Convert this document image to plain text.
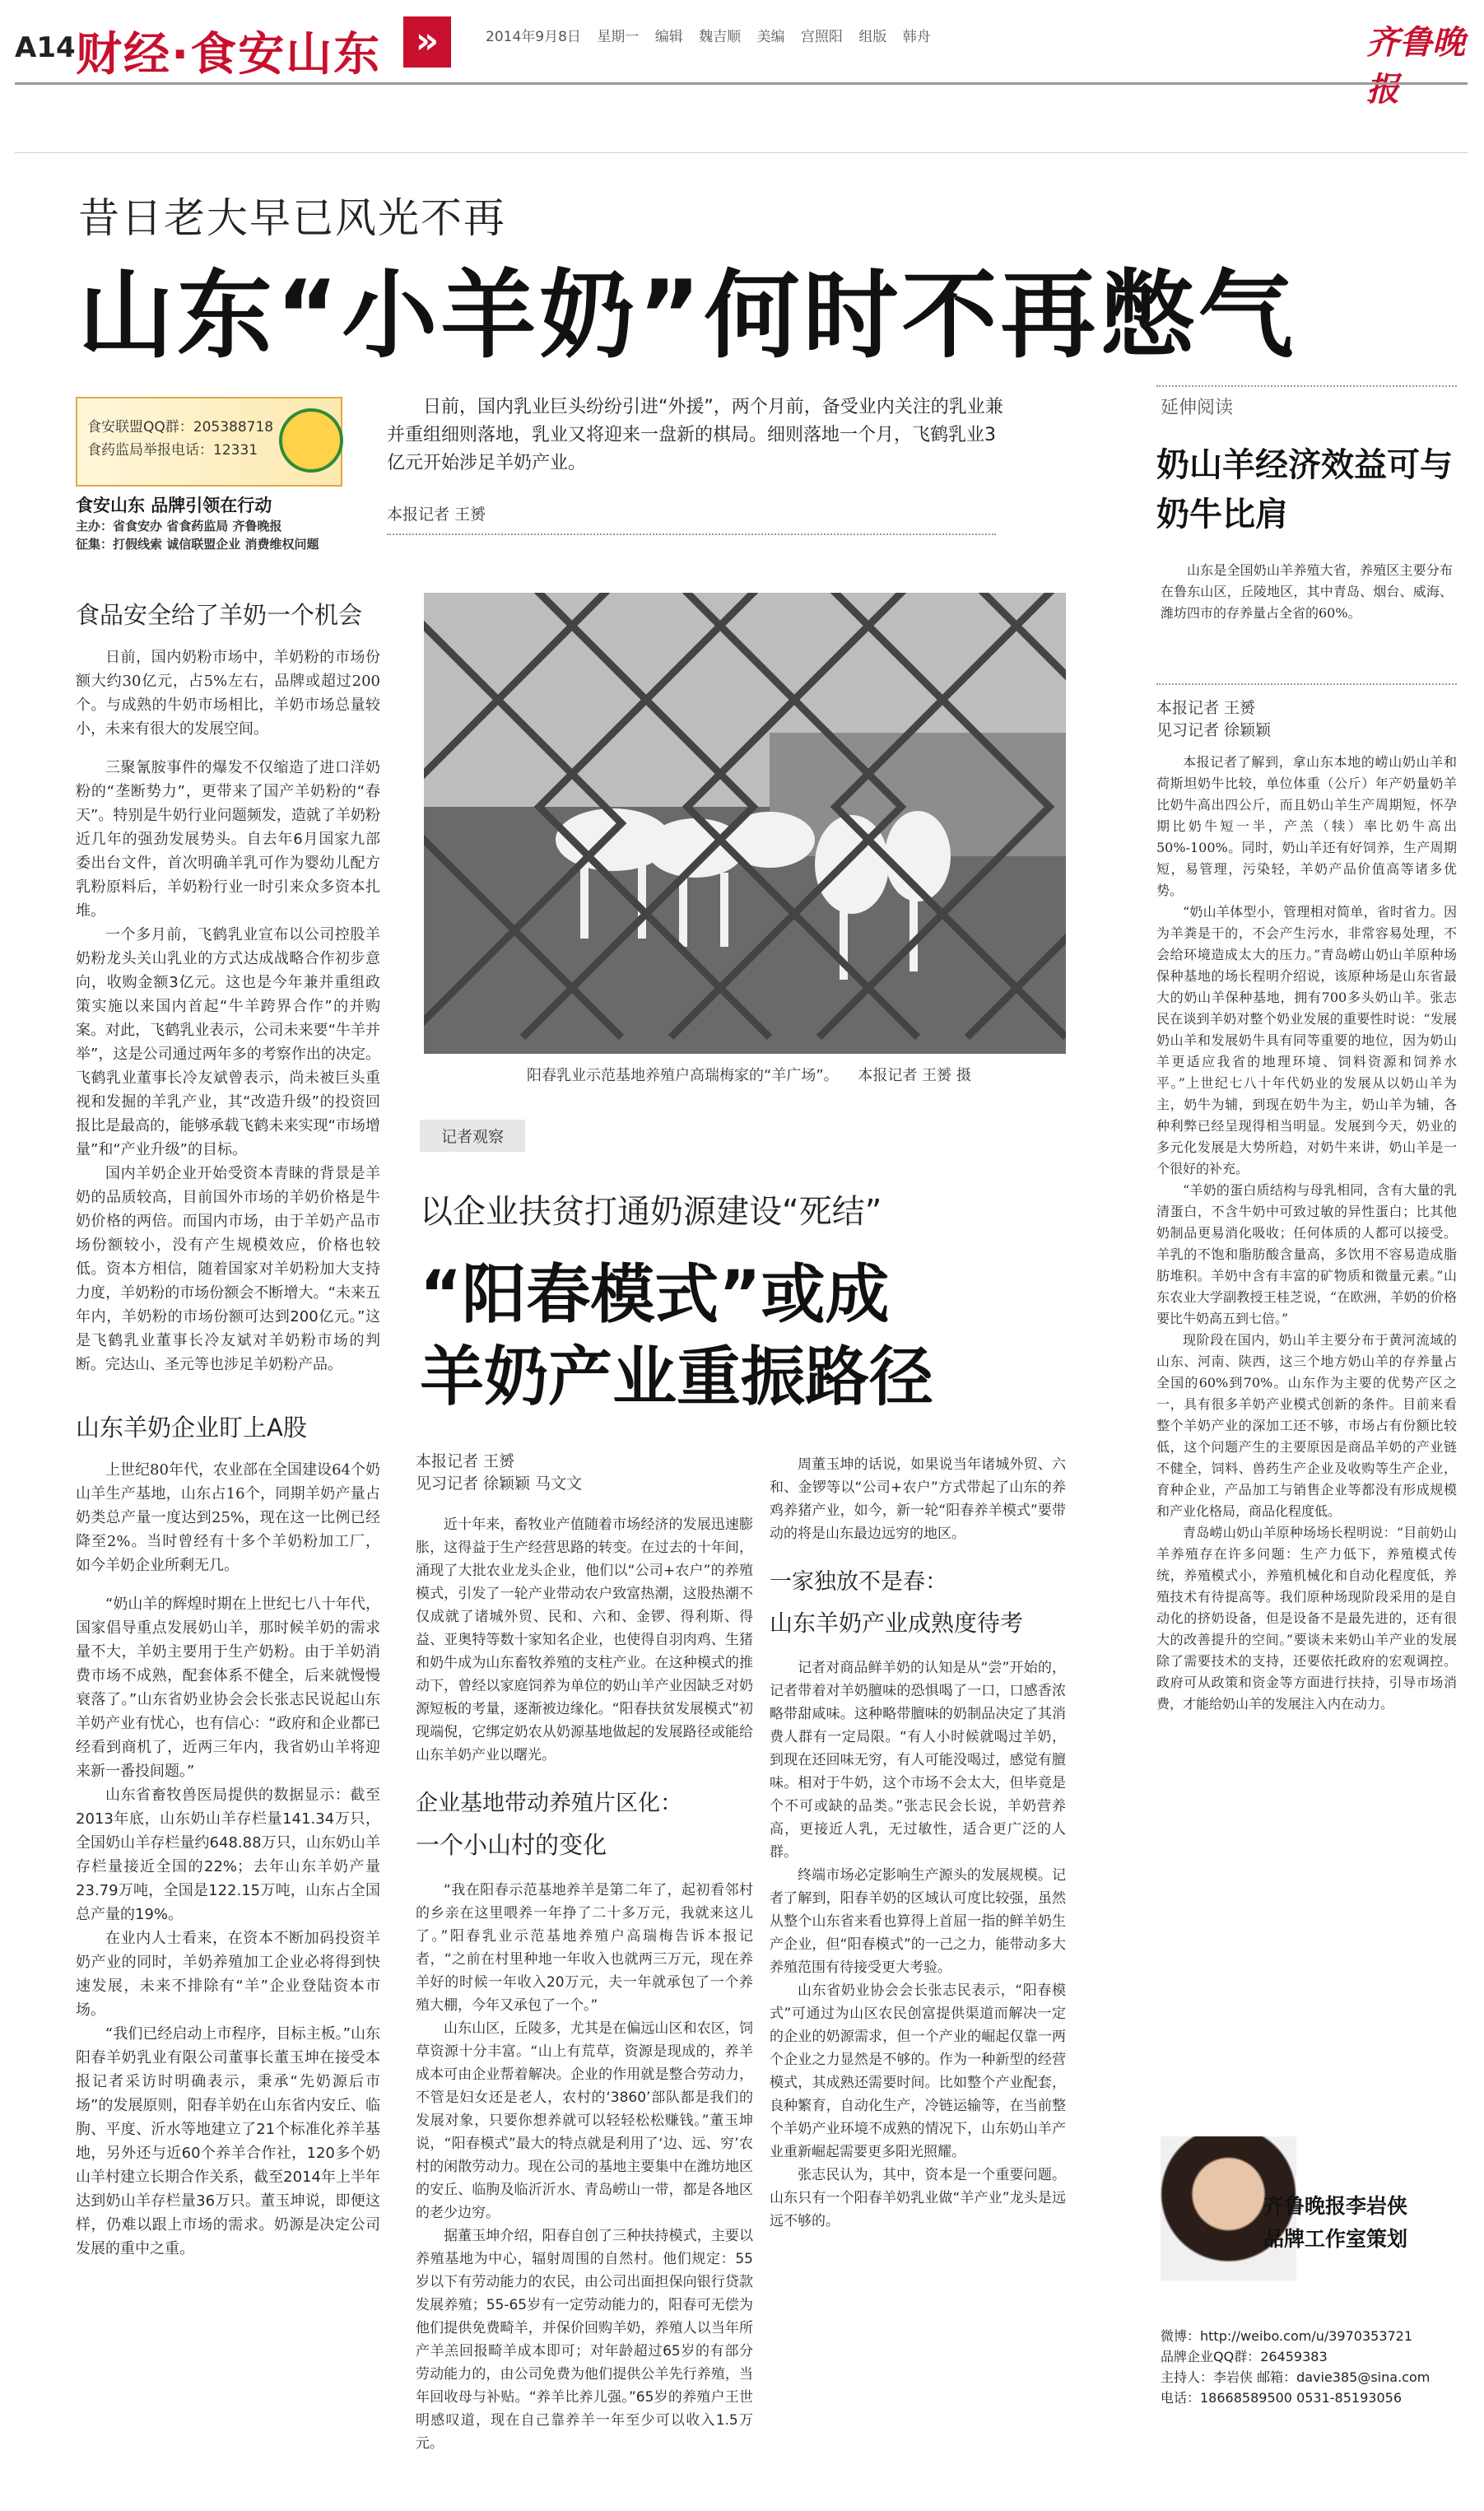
A14 财经·食安山东 »	2014年9月8日 星期一 编辑 魏吉顺 美编 宫照阳 组版 韩舟	齐鲁晚报
昔日老大早已风光不再
山东“小羊奶”何时不再憋气
食安联盟QQ群：205388718
食药监局举报电话：12331
食安山东 品牌引领在行动
主办：省食安办 省食药监局 齐鲁晚报
征集：打假线索 诚信联盟企业 消费维权问题
日前，国内乳业巨头纷纷引进“外援”，两个月前，备受业内关注的乳业兼并重组细则落地，乳业又将迎来一盘新的棋局。细则落地一个月，飞鹤乳业3亿元开始涉足羊奶产业。
本报记者 王赟
食品安全给了羊奶一个机会
日前，国内奶粉市场中，羊奶粉的市场份额大约30亿元，占5%左右，品牌或超过200个。与成熟的牛奶市场相比，羊奶市场总量较小，未来有很大的发展空间。
三聚氰胺事件的爆发不仅缩造了进口洋奶粉的“垄断势力”，更带来了国产羊奶粉的“春天”。特别是牛奶行业问题频发，造就了羊奶粉近几年的强劲发展势头。自去年6月国家九部委出台文件，首次明确羊乳可作为婴幼儿配方乳粉原料后，羊奶粉行业一时引来众多资本扎堆。
一个多月前，飞鹤乳业宣布以公司控股羊奶粉龙头关山乳业的方式达成战略合作初步意向，收购金额3亿元。这也是今年兼并重组政策实施以来国内首起“牛羊跨界合作”的并购案。对此，飞鹤乳业表示，公司未来要“牛羊并举”，这是公司通过两年多的考察作出的决定。飞鹤乳业董事长冷友斌曾表示，尚未被巨头重视和发掘的羊乳产业，其“改造升级”的投资回报比是最高的，能够承载飞鹤未来实现“市场增量”和“产业升级”的目标。
国内羊奶企业开始受资本青睐的背景是羊奶的品质较高，目前国外市场的羊奶价格是牛奶价格的两倍。而国内市场，由于羊奶产品市场份额较小，没有产生规模效应，价格也较低。资本方相信，随着国家对羊奶粉加大支持力度，羊奶粉的市场份额会不断增大。“未来五年内，羊奶粉的市场份额可达到200亿元。”这是飞鹤乳业董事长冷友斌对羊奶粉市场的判断。完达山、圣元等也涉足羊奶粉产品。
山东羊奶企业盯上A股
上世纪80年代，农业部在全国建设64个奶山羊生产基地，山东占16个，同期羊奶产量占奶类总产量一度达到25%，现在这一比例已经降至2%。当时曾经有十多个羊奶粉加工厂，如今羊奶企业所剩无几。
“奶山羊的辉煌时期在上世纪七八十年代，国家倡导重点发展奶山羊，那时候羊奶的需求量不大，羊奶主要用于生产奶粉。由于羊奶消费市场不成熟，配套体系不健全，后来就慢慢衰落了。”山东省奶业协会会长张志民说起山东羊奶产业有忧心，也有信心：“政府和企业都已经看到商机了，近两三年内，我省奶山羊将迎来新一番投间题。”
山东省畜牧兽医局提供的数据显示：截至2013年底，山东奶山羊存栏量141.34万只，全国奶山羊存栏量约648.88万只，山东奶山羊存栏量接近全国的22%；去年山东羊奶产量23.79万吨，全国是122.15万吨，山东占全国总产量的19%。
在业内人士看来，在资本不断加码投资羊奶产业的同时，羊奶养殖加工企业必将得到快速发展，未来不排除有“羊”企业登陆资本市场。
“我们已经启动上市程序，目标主板。”山东阳春羊奶乳业有限公司董事长董玉坤在接受本报记者采访时明确表示，秉承“先奶源后市场”的发展原则，阳春羊奶在山东省内安丘、临朐、平度、沂水等地建立了21个标准化养羊基地，另外还与近60个养羊合作社，120多个奶山羊村建立长期合作关系，截至2014年上半年达到奶山羊存栏量36万只。董玉坤说，即便这样，仍难以跟上市场的需求。奶源是决定公司发展的重中之重。
阳春乳业示范基地养殖户高瑞梅家的“羊广场”。 本报记者 王赟 摄
记者观察
以企业扶贫打通奶源建设“死结”
“阳春模式”或成
羊奶产业重振路径
本报记者 王赟
见习记者 徐颖颖 马文文
近十年来，畜牧业产值随着市场经济的发展迅速膨胀，这得益于生产经营思路的转变。在过去的十年间，涌现了大批农业龙头企业，他们以“公司+农户”的养殖模式，引发了一轮产业带动农户致富热潮，这股热潮不仅成就了诸城外贸、民和、六和、金锣、得利斯、得益、亚奥特等数十家知名企业，也使得自羽肉鸡、生猪和奶牛成为山东畜牧养殖的支柱产业。在这种模式的推动下，曾经以家庭饲养为单位的奶山羊产业因缺乏对奶源短板的考量，逐渐被边缘化。“阳春扶贫发展模式”初现端倪，它绑定奶农从奶源基地做起的发展路径或能给山东羊奶产业以曙光。
企业基地带动养殖片区化：
一个小山村的变化
“我在阳春示范基地养羊是第二年了，起初看邻村的乡亲在这里喂养一年挣了二十多万元，我就来这儿了。”阳春乳业示范基地养殖户高瑞梅告诉本报记者，“之前在村里种地一年收入也就两三万元，现在养羊好的时候一年收入20万元，夫一年就承包了一个养殖大棚，今年又承包了一个。”
山东山区，丘陵多，尤其是在偏远山区和农区，饲草资源十分丰富。“山上有荒草，资源是现成的，养羊成本可由企业帮着解决。企业的作用就是整合劳动力，不管是妇女还是老人，农村的‘3860’部队都是我们的发展对象，只要你想养就可以轻轻松松赚钱。”董玉坤说，“阳春模式”最大的特点就是利用了‘边、远、穷’农村的闲散劳动力。现在公司的基地主要集中在潍坊地区的安丘、临朐及临沂沂水、青岛崂山一带，都是各地区的老少边穷。
据董玉坤介绍，阳春自创了三种扶持模式，主要以养殖基地为中心，辐射周围的自然村。他们规定：55岁以下有劳动能力的农民，由公司出面担保向银行贷款发展养殖；55-65岁有一定劳动能力的，阳春可无偿为他们提供免费畸羊，并保价回购羊奶，养殖人以当年所产羊羔回报畸羊成本即可；对年龄超过65岁的有部分劳动能力的，由公司免费为他们提供公羊先行养殖，当年回收母与补贴。“养羊比养儿强。”65岁的养殖户王世明感叹道，现在自己靠养羊一年至少可以收入1.5万元。
周董玉坤的话说，如果说当年诸城外贸、六和、金锣等以“公司+农户”方式带起了山东的养鸡养猪产业，如今，新一轮“阳春养羊模式”要带动的将是山东最边远穷的地区。
一家独放不是春：
山东羊奶产业成熟度待考
记者对商品鲜羊奶的认知是从“尝”开始的，记者带着对羊奶膻味的恐惧喝了一口，口感香浓略带甜咸味。这种略带膻味的奶制品决定了其消费人群有一定局限。“有人小时候就喝过羊奶，到现在还回味无穷，有人可能没喝过，感觉有膻味。相对于牛奶，这个市场不会太大，但毕竟是个不可或缺的品类。”张志民会长说，羊奶营养高，更接近人乳，无过敏性，适合更广泛的人群。
终端市场必定影响生产源头的发展规模。记者了解到，阳春羊奶的区域认可度比较强，虽然从整个山东省来看也算得上首屈一指的鲜羊奶生产企业，但“阳春模式”的一己之力，能带动多大养殖范围有待接受更大考验。
山东省奶业协会会长张志民表示，“阳春模式”可通过为山区农民创富提供渠道而解决一定的企业的奶源需求，但一个产业的崛起仅靠一两个企业之力显然是不够的。作为一种新型的经营模式，其成熟还需要时间。比如整个产业配套，良种繁育，自动化生产，冷链运输等，在当前整个羊奶产业环境不成熟的情况下，山东奶山羊产业重新崛起需要更多阳光照耀。
张志民认为，其中，资本是一个重要问题。山东只有一个阳春羊奶乳业做“羊产业”龙头是远远不够的。
延伸阅读
奶山羊经济效益可与奶牛比肩
山东是全国奶山羊养殖大省，养殖区主要分布在鲁东山区，丘陵地区，其中青岛、烟台、威海、潍坊四市的存养量占全省的60%。
本报记者 王赟
见习记者 徐颖颖
本报记者了解到，拿山东本地的崂山奶山羊和荷斯坦奶牛比较，单位体重（公斤）年产奶量奶羊比奶牛高出四公斤，而且奶山羊生产周期短，怀孕期比奶牛短一半，产羔（犊）率比奶牛高出50%-100%。同时，奶山羊还有好饲养，生产周期短，易管理，污染轻，羊奶产品价值高等诸多优势。
“奶山羊体型小，管理相对简单，省时省力。因为羊粪是干的，不会产生污水，非常容易处理，不会给环境造成太大的压力。”青岛崂山奶山羊原种场保种基地的场长程明介绍说，该原种场是山东省最大的奶山羊保种基地，拥有700多头奶山羊。张志民在谈到羊奶对整个奶业发展的重要性时说：“发展奶山羊和发展奶牛具有同等重要的地位，因为奶山羊更适应我省的地理环境、饲料资源和饲养水平。”上世纪七八十年代奶业的发展从以奶山羊为主，奶牛为辅，到现在奶牛为主，奶山羊为辅，各种利弊已经呈现得相当明显。发展到今天，奶业的多元化发展是大势所趋，对奶牛来讲，奶山羊是一个很好的补充。
“羊奶的蛋白质结构与母乳相同，含有大量的乳清蛋白，不含牛奶中可致过敏的异性蛋白；比其他奶制品更易消化吸收；任何体质的人都可以接受。羊乳的不饱和脂肪酸含量高，多饮用不容易造成脂肪堆积。羊奶中含有丰富的矿物质和微量元素。”山东农业大学副教授王桂芝说，“在欧洲，羊奶的价格要比牛奶高五到七倍。”
现阶段在国内，奶山羊主要分布于黄河流域的山东、河南、陕西，这三个地方奶山羊的存养量占全国的60%到70%。山东作为主要的优势产区之一，具有很多羊奶产业模式创新的条件。目前来看整个羊奶产业的深加工还不够，市场占有份额比较低，这个问题产生的主要原因是商品羊奶的产业链不健全，饲料、兽药生产企业及收购等生产企业，育种企业，产品加工与销售企业等都没有形成规模和产业化格局，商品化程度低。
青岛崂山奶山羊原种场场长程明说：“目前奶山羊养殖存在许多问题：生产力低下，养殖模式传统，养殖模式小，养殖机械化和自动化程度低，养殖技术有待提高等。我们原种场现阶段采用的是自动化的挤奶设备，但是设备不是最先进的，还有很大的改善提升的空间。”要谈未来奶山羊产业的发展除了需要技术的支持，还要依托政府的宏观调控。政府可从政策和资金等方面进行扶持，引导市场消费，才能给奶山羊的发展注入内在动力。
齐鲁晚报李岩侠
品牌工作室策划
微博：http://weibo.com/u/3970353721
品牌企业QQ群：26459383
主持人：李岩侠 邮箱：davie385@sina.com
电话：18668589500 0531-85193056
